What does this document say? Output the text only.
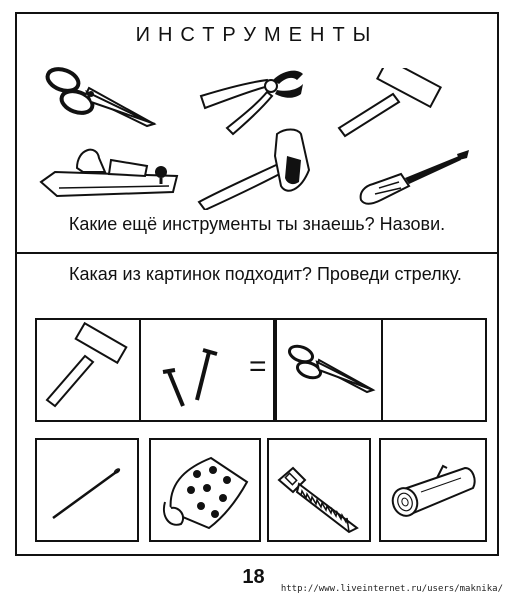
ИНСТРУМЕНТЫ
Какие ещё инструменты ты знаешь? Назови.
Какая из картинок подходит? Проведи стрелку.
=
18
http://www.liveinternet.ru/users/maknika/
